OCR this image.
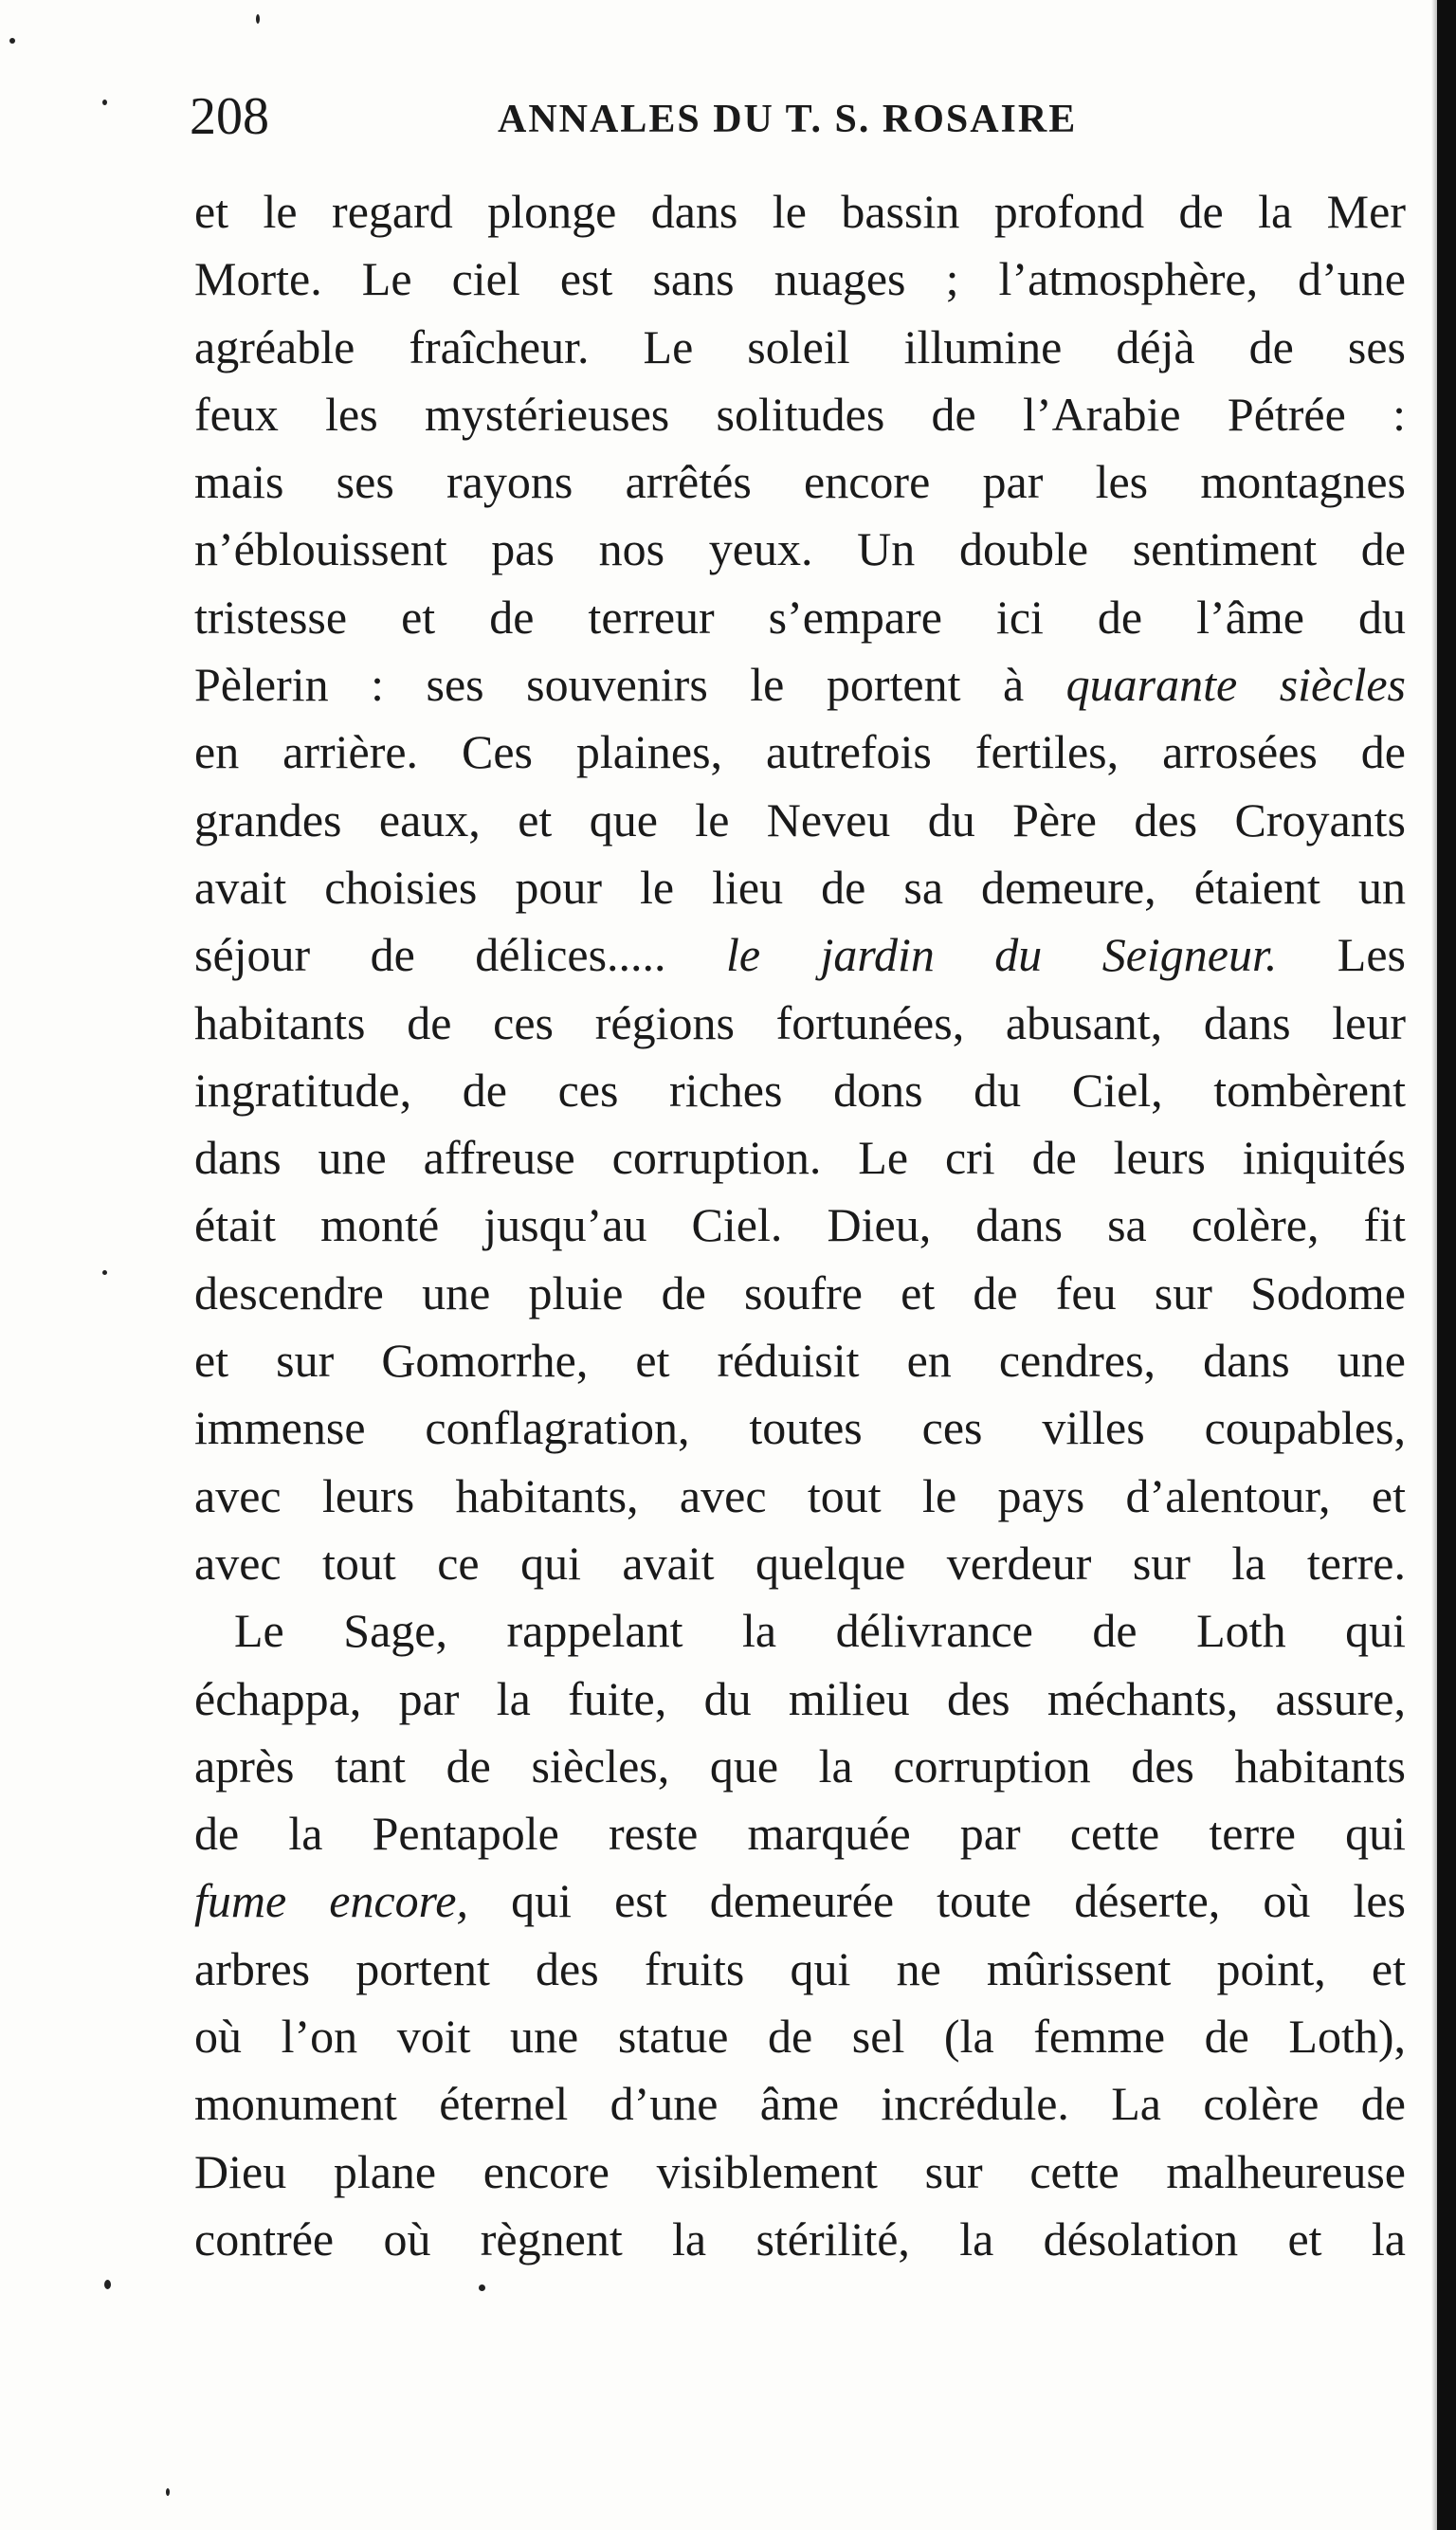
208	ANNALES DU T. S. ROSAIRE
et le regard plonge dans le bassin profond de la Mer
Morte. Le ciel est sans nuages ; l’atmosphère, d’une
agréable fraîcheur. Le soleil illumine déjà de ses
feux les mystérieuses solitudes de l’Arabie Pétrée :
mais ses rayons arrêtés encore par les montagnes
n’éblouissent pas nos yeux. Un double sentiment de
tristesse et de terreur s’empare ici de l’âme du
Pèlerin : ses souvenirs le portent à quarante siècles
en arrière. Ces plaines, autrefois fertiles, arrosées de
grandes eaux, et que le Neveu du Père des Croyants
avait choisies pour le lieu de sa demeure, étaient un
séjour de délices..... le jardin du Seigneur. Les
habitants de ces régions fortunées, abusant, dans leur
ingratitude, de ces riches dons du Ciel, tombèrent
dans une affreuse corruption. Le cri de leurs iniquités
était monté jusqu’au Ciel. Dieu, dans sa colère, fit
descendre une pluie de soufre et de feu sur Sodome
et sur Gomorrhe, et réduisit en cendres, dans une
immense conflagration, toutes ces villes coupables,
avec leurs habitants, avec tout le pays d’alentour, et
avec tout ce qui avait quelque verdeur sur la terre.
Le Sage, rappelant la délivrance de Loth qui
échappa, par la fuite, du milieu des méchants, assure,
après tant de siècles, que la corruption des habitants
de la Pentapole reste marquée par cette terre qui
fume encore, qui est demeurée toute déserte, où les
arbres portent des fruits qui ne mûrissent point, et
où l’on voit une statue de sel (la femme de Loth),
monument éternel d’une âme incrédule. La colère de
Dieu plane encore visiblement sur cette malheureuse
contrée où règnent la stérilité, la désolation et la
